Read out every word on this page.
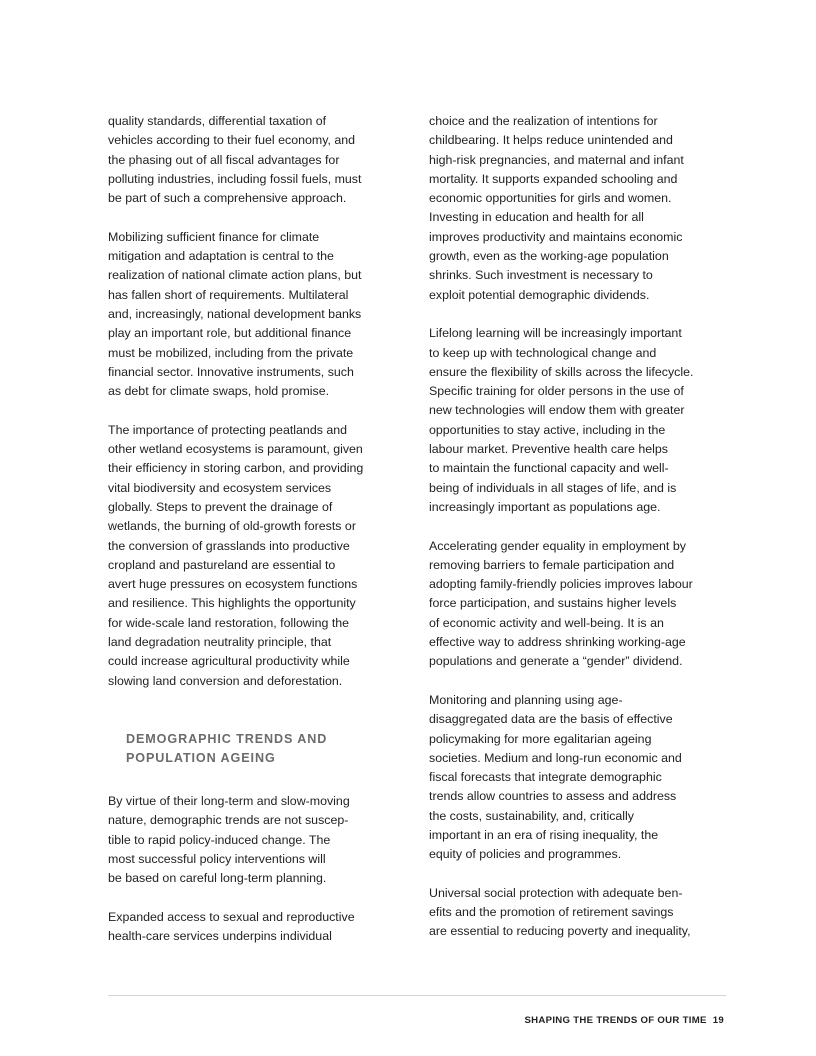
quality standards, differential taxation of
vehicles according to their fuel economy, and
the phasing out of all fiscal advantages for
polluting industries, including fossil fuels, must
be part of such a comprehensive approach.
Mobilizing sufficient finance for climate
mitigation and adaptation is central to the
realization of national climate action plans, but
has fallen short of requirements. Multilateral
and, increasingly, national development banks
play an important role, but additional finance
must be mobilized, including from the private
financial sector. Innovative instruments, such
as debt for climate swaps, hold promise.
The importance of protecting peatlands and
other wetland ecosystems is paramount, given
their efficiency in storing carbon, and providing
vital biodiversity and ecosystem services
globally. Steps to prevent the drainage of
wetlands, the burning of old-growth forests or
the conversion of grasslands into productive
cropland and pastureland are essential to
avert huge pressures on ecosystem functions
and resilience. This highlights the opportunity
for wide-scale land restoration, following the
land degradation neutrality principle, that
could increase agricultural productivity while
slowing land conversion and deforestation.
DEMOGRAPHIC TRENDS AND
POPULATION AGEING
By virtue of their long-term and slow-moving
nature, demographic trends are not suscep-
tible to rapid policy-induced change. The
most successful policy interventions will
be based on careful long-term planning.
Expanded access to sexual and reproductive
health-care services underpins individual
choice and the realization of intentions for
childbearing. It helps reduce unintended and
high-risk pregnancies, and maternal and infant
mortality. It supports expanded schooling and
economic opportunities for girls and women.
Investing in education and health for all
improves productivity and maintains economic
growth, even as the working-age population
shrinks. Such investment is necessary to
exploit potential demographic dividends.
Lifelong learning will be increasingly important
to keep up with technological change and
ensure the flexibility of skills across the lifecycle.
Specific training for older persons in the use of
new technologies will endow them with greater
opportunities to stay active, including in the
labour market. Preventive health care helps
to maintain the functional capacity and well-
being of individuals in all stages of life, and is
increasingly important as populations age.
Accelerating gender equality in employment by
removing barriers to female participation and
adopting family-friendly policies improves labour
force participation, and sustains higher levels
of economic activity and well-being. It is an
effective way to address shrinking working-age
populations and generate a “gender” dividend.
Monitoring and planning using age-
disaggregated data are the basis of effective
policymaking for more egalitarian ageing
societies. Medium and long-run economic and
fiscal forecasts that integrate demographic
trends allow countries to assess and address
the costs, sustainability, and, critically
important in an era of rising inequality, the
equity of policies and programmes.
Universal social protection with adequate ben-
efits and the promotion of retirement savings
are essential to reducing poverty and inequality,
SHAPING THE TRENDS OF OUR TIME 19
